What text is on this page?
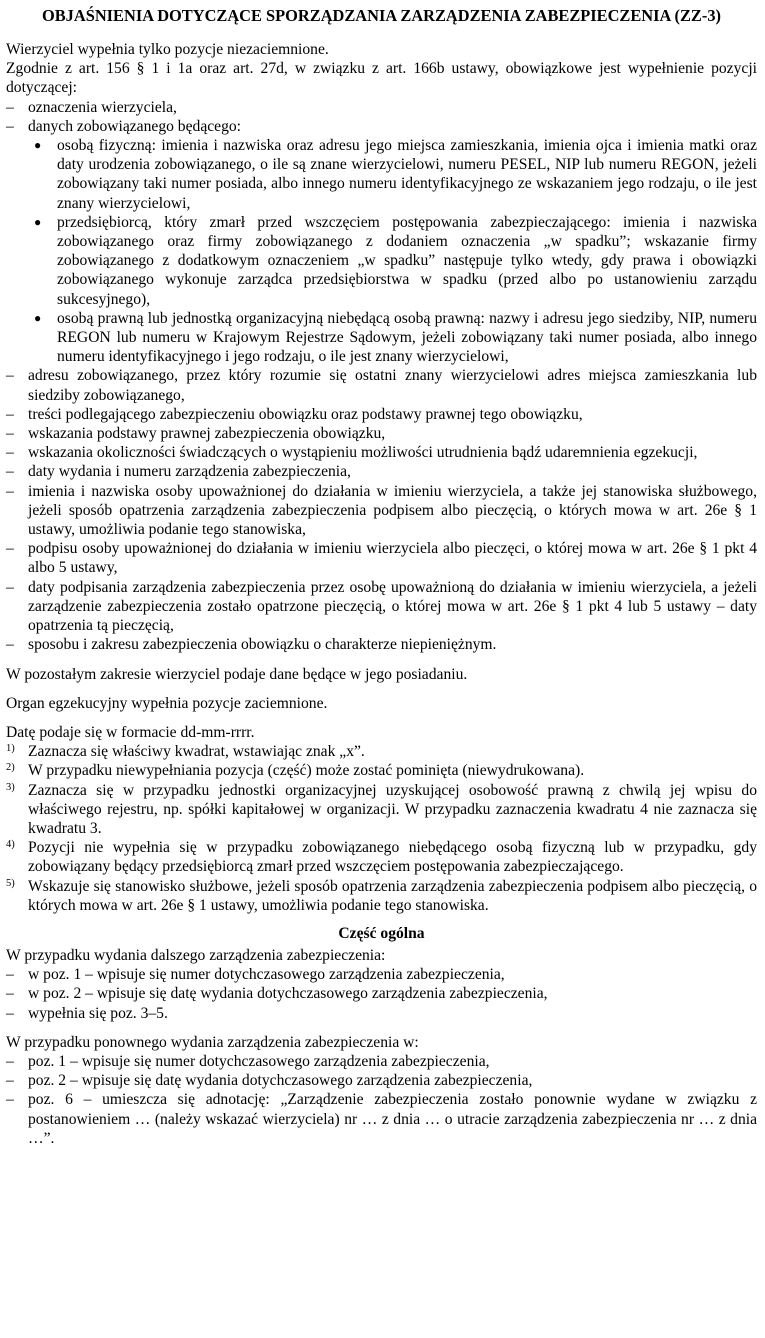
OBJAŚNIENIA DOTYCZĄCE SPORZĄDZANIA ZARZĄDZENIA ZABEZPIECZENIA (ZZ-3)

Wierzyciel wypełnia tylko pozycje niezaciemnione.

Zgodnie z art. 156 § 1 i 1a oraz art. 27d, w związku z art. 166b ustawy, obowiązkowe jest wypełnienie pozycji dotyczącej:

– oznaczenia wierzyciela,
– danych zobowiązanego będącego:
● osobą fizyczną: imienia i nazwiska oraz adresu jego miejsca zamieszkania, imienia ojca i imienia matki oraz daty urodzenia zobowiązanego, o ile są znane wierzycielowi, numeru PESEL, NIP lub numeru REGON, jeżeli zobowiązany taki numer posiada, albo innego numeru identyfikacyjnego ze wskazaniem jego rodzaju, o ile jest znany wierzycielowi,
● przedsiębiorcą, który zmarł przed wszczęciem postępowania zabezpieczającego: imienia i nazwiska zobowiązanego oraz firmy zobowiązanego z dodaniem oznaczenia „w spadku”; wskazanie firmy zobowiązanego z dodatkowym oznaczeniem „w spadku” następuje tylko wtedy, gdy prawa i obowiązki zobowiązanego wykonuje zarządca przedsiębiorstwa w spadku (przed albo po ustanowieniu zarządu sukcesyjnego),
● osobą prawną lub jednostką organizacyjną niebędącą osobą prawną: nazwy i adresu jego siedziby, NIP, numeru REGON lub numeru w Krajowym Rejestrze Sądowym, jeżeli zobowiązany taki numer posiada, albo innego numeru identyfikacyjnego i jego rodzaju, o ile jest znany wierzycielowi,
– adresu zobowiązanego, przez który rozumie się ostatni znany wierzycielowi adres miejsca zamieszkania lub siedziby zobowiązanego,
– treści podlegającego zabezpieczeniu obowiązku oraz podstawy prawnej tego obowiązku,
– wskazania podstawy prawnej zabezpieczenia obowiązku,
– wskazania okoliczności świadczących o wystąpieniu możliwości utrudnienia bądź udaremnienia egzekucji,
– daty wydania i numeru zarządzenia zabezpieczenia,
– imienia i nazwiska osoby upoważnionej do działania w imieniu wierzyciela, a także jej stanowiska służbowego, jeżeli sposób opatrzenia zarządzenia zabezpieczenia podpisem albo pieczęcią, o których mowa w art. 26e § 1 ustawy, umożliwia podanie tego stanowiska,
– podpisu osoby upoważnionej do działania w imieniu wierzyciela albo pieczęci, o której mowa w art. 26e § 1 pkt 4 albo 5 ustawy,
– daty podpisania zarządzenia zabezpieczenia przez osobę upoważnioną do działania w imieniu wierzyciela, a jeżeli zarządzenie zabezpieczenia zostało opatrzone pieczęcią, o której mowa w art. 26e § 1 pkt 4 lub 5 ustawy – daty opatrzenia tą pieczęcią,
– sposobu i zakresu zabezpieczenia obowiązku o charakterze niepieniężnym.

W pozostałym zakresie wierzyciel podaje dane będące w jego posiadaniu.

Organ egzekucyjny wypełnia pozycje zaciemnione.

Datę podaje się w formacie dd-mm-rrrr.

1) Zaznacza się właściwy kwadrat, wstawiając znak „x”.
2) W przypadku niewypełniania pozycja (część) może zostać pominięta (niewydrukowana).
3) Zaznacza się w przypadku jednostki organizacyjnej uzyskującej osobowość prawną z chwilą jej wpisu do właściwego rejestru, np. spółki kapitałowej w organizacji. W przypadku zaznaczenia kwadratu 4 nie zaznacza się kwadratu 3.
4) Pozycji nie wypełnia się w przypadku zobowiązanego niebędącego osobą fizyczną lub w przypadku, gdy zobowiązany będący przedsiębiorcą zmarł przed wszczęciem postępowania zabezpieczającego.
5) Wskazuje się stanowisko służbowe, jeżeli sposób opatrzenia zarządzenia zabezpieczenia podpisem albo pieczęcią, o których mowa w art. 26e § 1 ustawy, umożliwia podanie tego stanowiska.
Część ogólna

W przypadku wydania dalszego zarządzenia zabezpieczenia:

– w poz. 1 – wpisuje się numer dotychczasowego zarządzenia zabezpieczenia,
– w poz. 2 – wpisuje się datę wydania dotychczasowego zarządzenia zabezpieczenia,
– wypełnia się poz. 3–5.

W przypadku ponownego wydania zarządzenia zabezpieczenia w:

– poz. 1 – wpisuje się numer dotychczasowego zarządzenia zabezpieczenia,
– poz. 2 – wpisuje się datę wydania dotychczasowego zarządzenia zabezpieczenia,
– poz. 6 – umieszcza się adnotację: „Zarządzenie zabezpieczenia zostało ponownie wydane w związku z postanowieniem … (należy wskazać wierzyciela) nr … z dnia … o utracie zarządzenia zabezpieczenia nr … z dnia …”.
